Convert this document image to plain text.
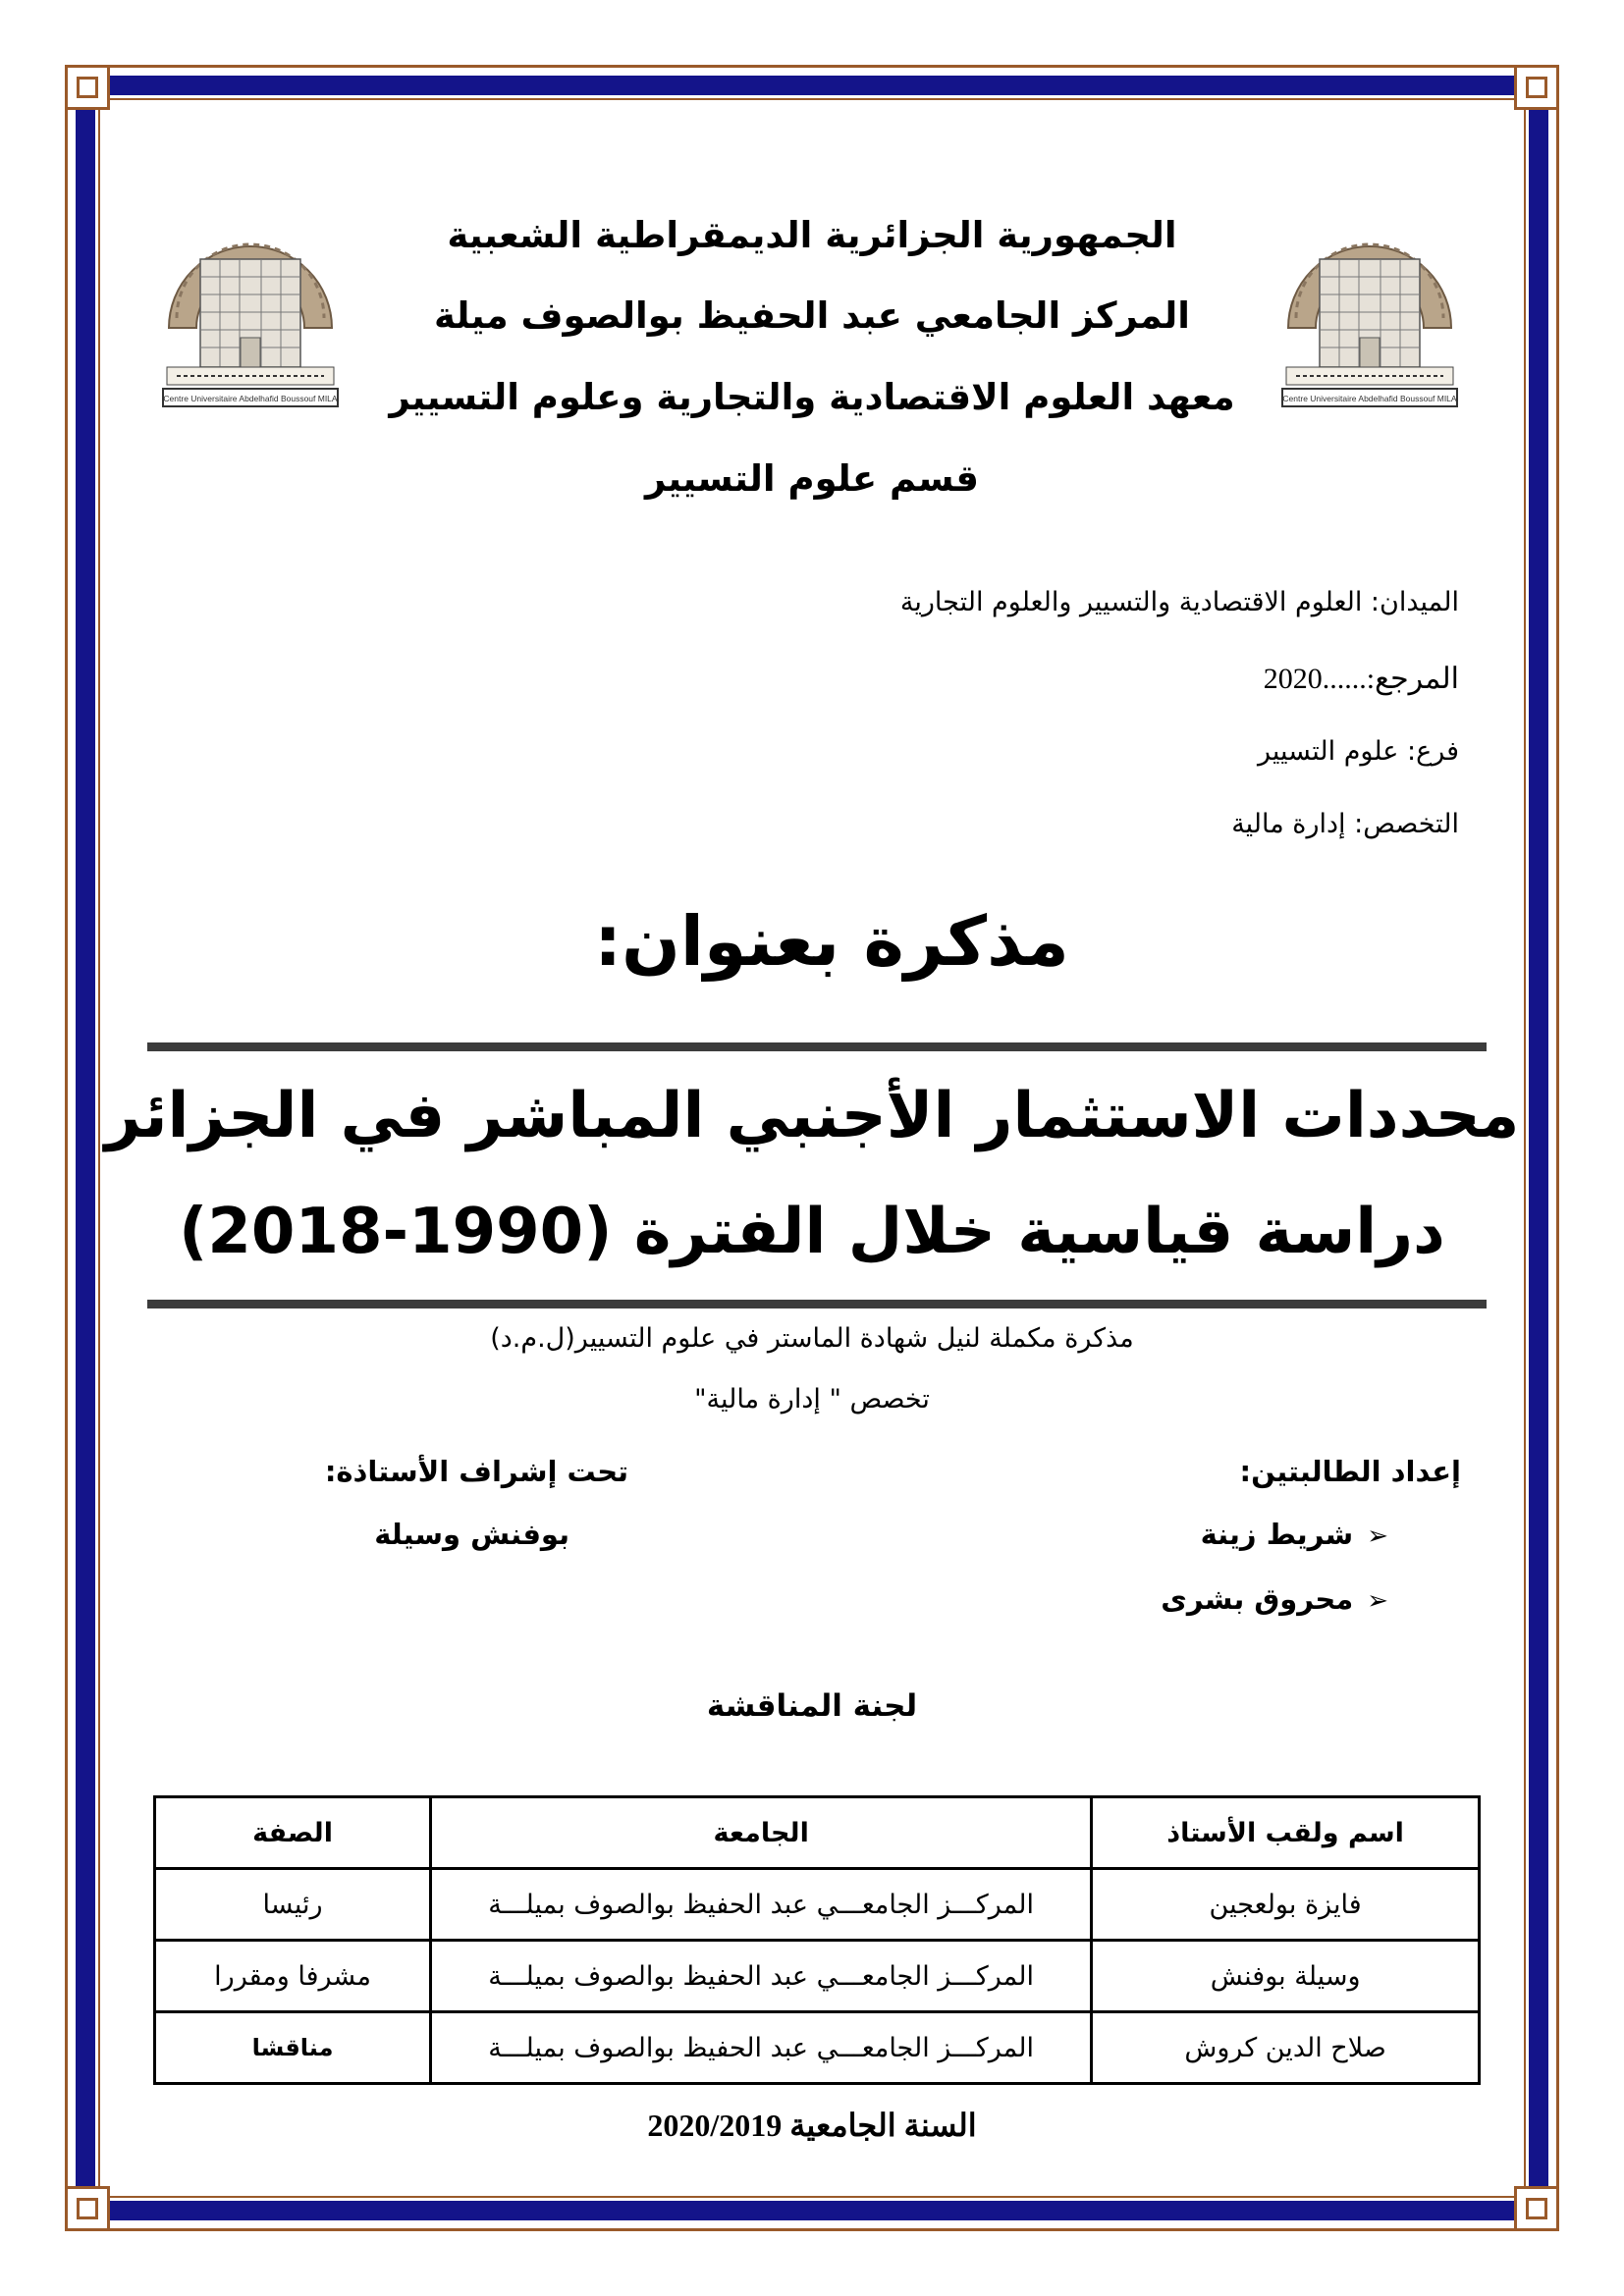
Centre Universitaire Abdelhafid Boussouf MILA	Centre Universitaire Abdelhafid Boussouf MILA
الجمهورية الجزائرية الديمقراطية الشعبية
المركز الجامعي عبد الحفيظ بوالصوف ميلة
معهد العلوم الاقتصادية والتجارية وعلوم التسيير
قسم علوم التسيير
الميدان: العلوم الاقتصادية والتسيير والعلوم التجارية
المرجع:......2020
فرع: علوم التسيير
التخصص: إدارة مالية
مذكرة بعنوان:
محددات الاستثمار الأجنبي المباشر في الجزائر
دراسة قياسية خلال الفترة (1990-2018)
مذكرة مكملة لنيل شهادة الماستر في علوم التسيير(ل.م.د)
تخصص " إدارة مالية"
إعداد الطالبتين:
تحت إشراف الأستاذة:
➢شريط زينة
➢محروق بشرى
بوفنش وسيلة
لجنة المناقشة
اسم ولقب الأستاذ	الجامعة	الصفة
فايزة بولعجين	المركـــز الجامعـــي عبد الحفيظ بوالصوف بميلـــة	رئيسا
وسيلة بوفنش	المركـــز الجامعـــي عبد الحفيظ بوالصوف بميلـــة	مشرفا ومقررا
صلاح الدين كروش	المركـــز الجامعـــي عبد الحفيظ بوالصوف بميلـــة	مناقشا
السنة الجامعية 2020/2019
